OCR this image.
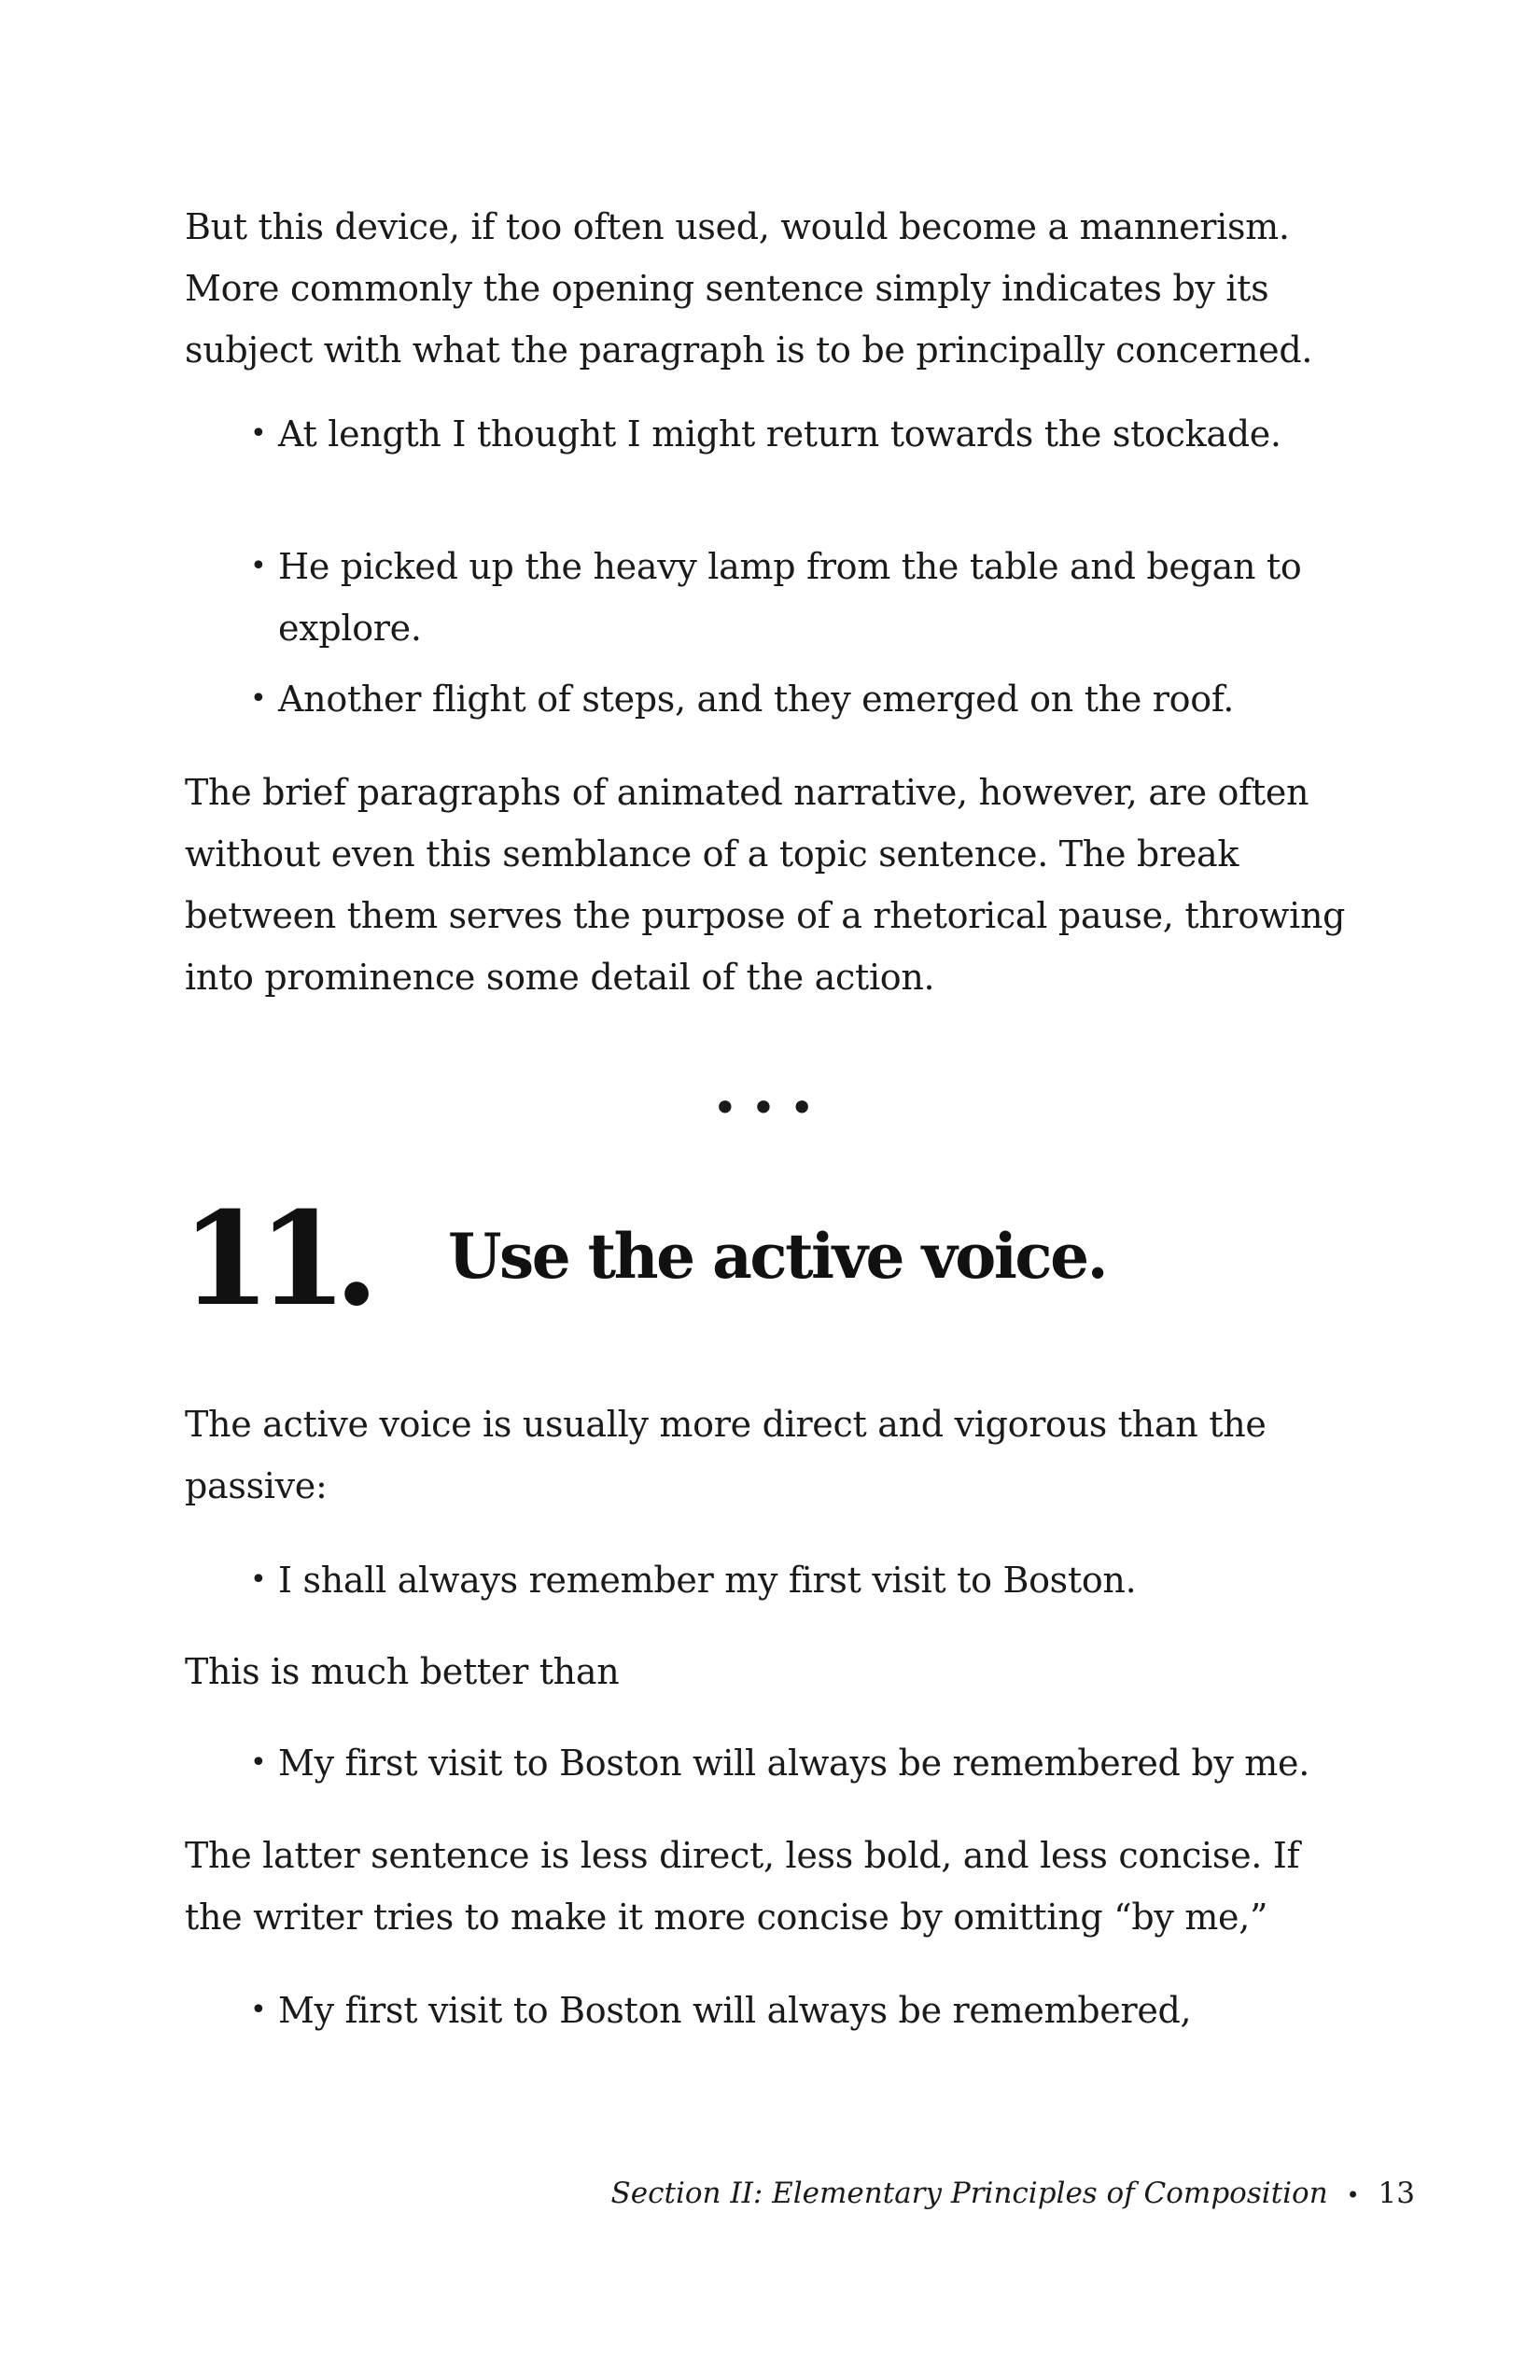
But this device, if too often used, would become a mannerism. More commonly the opening sentence simply indicates by its subject with what the paragraph is to be principally concerned.

• At length I thought I might return towards the stockade.
• He picked up the heavy lamp from the table and began to explore.
• Another flight of steps, and they emerged on the roof.

The brief paragraphs of animated narrative, however, are often without even this semblance of a topic sentence. The break between them serves the purpose of a rhetorical pause, throwing into prominence some detail of the action.

•••
11. Use the active voice.

The active voice is usually more direct and vigorous than the passive:

• I shall always remember my first visit to Boston.

This is much better than

• My first visit to Boston will always be remembered by me.

The latter sentence is less direct, less bold, and less concise. If the writer tries to make it more concise by omitting “by me,”

• My first visit to Boston will always be remembered,
Section II: Elementary Principles of Composition • 13
